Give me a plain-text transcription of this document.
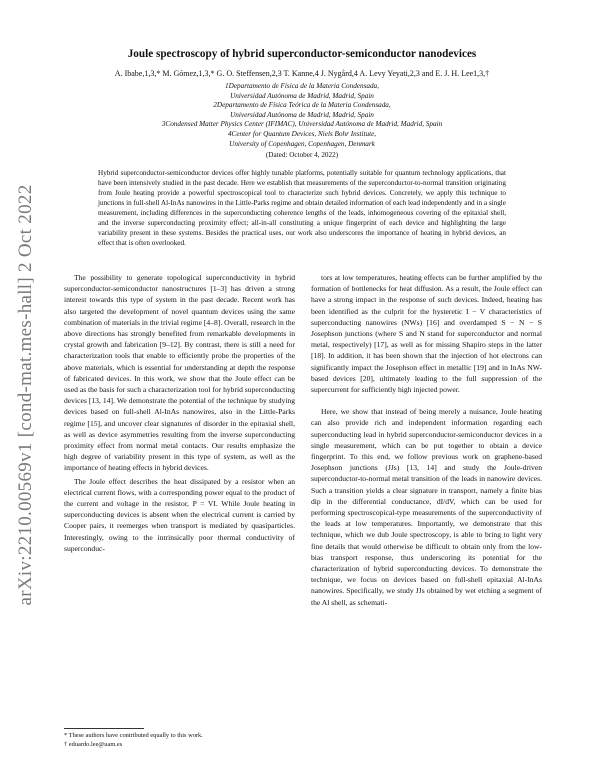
arXiv:2210.00569v1 [cond-mat.mes-hall] 2 Oct 2022
Joule spectroscopy of hybrid superconductor-semiconductor nanodevices
A. Ibabe,1,3,* M. Gómez,1,3,* G. O. Steffensen,2,3 T. Kanne,4 J. Nygård,4 A. Levy Yeyati,2,3 and E. J. H. Lee1,3,†
1Departamento de Física de la Materia Condensada,
Universidad Autónoma de Madrid, Madrid, Spain
2Departamento de Física Teórica de la Materia Condensada,
Universidad Autónoma de Madrid, Madrid, Spain
3Condensed Matter Physics Center (IFIMAC), Universidad Autónoma de Madrid, Madrid, Spain
4Center for Quantum Devices, Niels Bohr Institute,
University of Copenhagen, Copenhagen, Denmark
(Dated: October 4, 2022)
Hybrid superconductor-semiconductor devices offer highly tunable platforms, potentially suitable for quantum technology applications, that have been intensively studied in the past decade. Here we establish that measurements of the superconductor-to-normal transition originating from Joule heating provide a powerful spectroscopical tool to characterize such hybrid devices. Concretely, we apply this technique to junctions in full-shell Al-InAs nanowires in the Little-Parks regime and obtain detailed information of each lead independently and in a single measurement, including differences in the superconducting coherence lengths of the leads, inhomogeneous covering of the epitaxial shell, and the inverse superconducting proximity effect; all-in-all constituting a unique fingerprint of each device and highlighting the large variability present in these systems. Besides the practical uses, our work also underscores the importance of heating in hybrid devices, an effect that is often overlooked.

The possibility to generate topological superconductivity in hybrid superconductor-semiconductor nanostructures [1–3] has driven a strong interest towards this type of system in the past decade. Recent work has also targeted the development of novel quantum devices using the same combination of materials in the trivial regime [4–8]. Overall, research in the above directions has strongly benefited from remarkable developments in crystal growth and fabrication [9–12]. By contrast, there is still a need for characterization tools that enable to efficiently probe the properties of the above materials, which is essential for understanding at depth the response of fabricated devices. In this work, we show that the Joule effect can be used as the basis for such a characterization tool for hybrid superconducting devices [13, 14]. We demonstrate the potential of the technique by studying devices based on full-shell Al-InAs nanowires, also in the Little-Parks regime [15], and uncover clear signatures of disorder in the epitaxial shell, as well as device asymmetries resulting from the inverse superconducting proximity effect from normal metal contacts. Our results emphasize the high degree of variability present in this type of system, as well as the importance of heating effects in hybrid devices.

The Joule effect describes the heat dissipated by a resistor when an electrical current flows, with a corresponding power equal to the product of the current and voltage in the resistor, P = VI. While Joule heating in superconducting devices is absent when the electrical current is carried by Cooper pairs, it reemerges when transport is mediated by quasiparticles. Interestingly, owing to the intrinsically poor thermal conductivity of superconduc-

tors at low temperatures, heating effects can be further amplified by the formation of bottlenecks for heat diffusion. As a result, the Joule effect can have a strong impact in the response of such devices. Indeed, heating has been identified as the culprit for the hysteretic I − V characteristics of superconducting nanowires (NWs) [16] and overdamped S − N − S Josephson junctions (where S and N stand for superconductor and normal metal, respectively) [17], as well as for missing Shapiro steps in the latter [18]. In addition, it has been shown that the injection of hot electrons can significantly impact the Josephson effect in metallic [19] and in InAs NW-based devices [20], ultimately leading to the full suppression of the supercurrent for sufficiently high injected power.

Here, we show that instead of being merely a nuisance, Joule heating can also provide rich and independent information regarding each superconducting lead in hybrid superconductor-semiconductor devices in a single measurement, which can be put together to obtain a device fingerprint. To this end, we follow previous work on graphene-based Josephson junctions (JJs) [13, 14] and study the Joule-driven superconductor-to-normal metal transition of the leads in nanowire devices. Such a transition yields a clear signature in transport, namely a finite bias dip in the differential conductance, dI/dV, which can be used for performing spectroscopical-type measurements of the superconductivity of the leads at low temperatures. Importantly, we demonstrate that this technique, which we dub Joule spectroscopy, is able to bring to light very fine details that would otherwise be difficult to obtain only from the low-bias transport response, thus underscoring its potential for the characterization of hybrid superconducting devices. To demonstrate the technique, we focus on devices based on full-shell epitaxial Al-InAs nanowires. Specifically, we study JJs obtained by wet etching a segment of the Al shell, as schemati-

* These authors have contributed equally to this work.
† eduardo.lee@uam.es
